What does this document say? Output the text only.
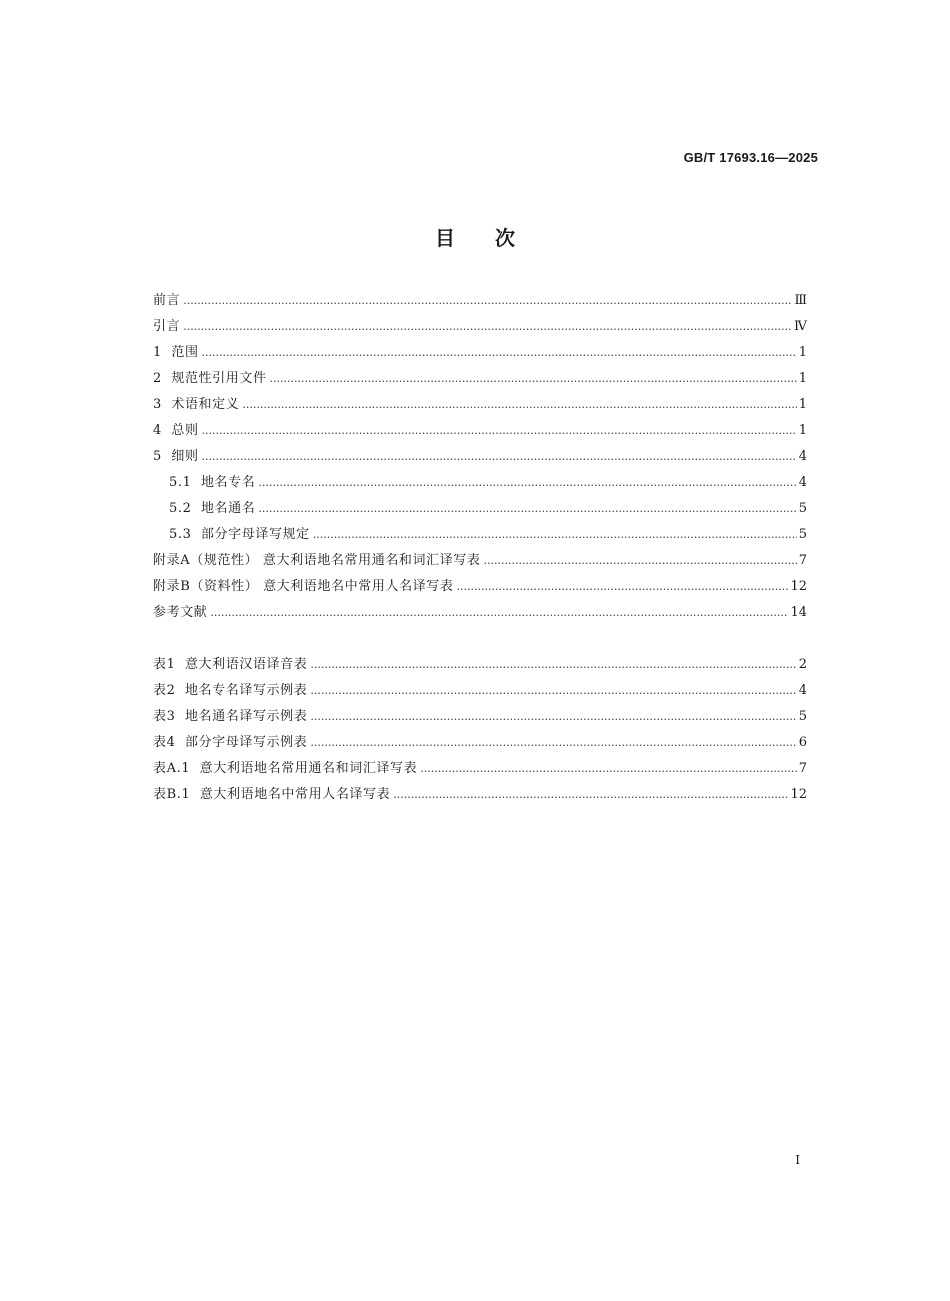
GB/T 17693.16—2025
目次
前言 .....	Ⅲ
引言 .....	Ⅳ
1 范围 .....	1
2 规范性引用文件 .....	1
3 术语和定义 .....	1
4 总则 .....	1
5 细则 .....	4
5.1 地名专名 .....	4
5.2 地名通名 .....	5
5.3 部分字母译写规定 .....	5
附录A（规范性） 意大利语地名常用通名和词汇译写表 .....	7
附录B（资料性） 意大利语地名中常用人名译写表 .....	12
参考文献 .....	14
表1 意大利语汉语译音表 .....	2
表2 地名专名译写示例表 .....	4
表3 地名通名译写示例表 .....	5
表4 部分字母译写示例表 .....	6
表A.1 意大利语地名常用通名和词汇译写表 .....	7
表B.1 意大利语地名中常用人名译写表 .....	12
I
